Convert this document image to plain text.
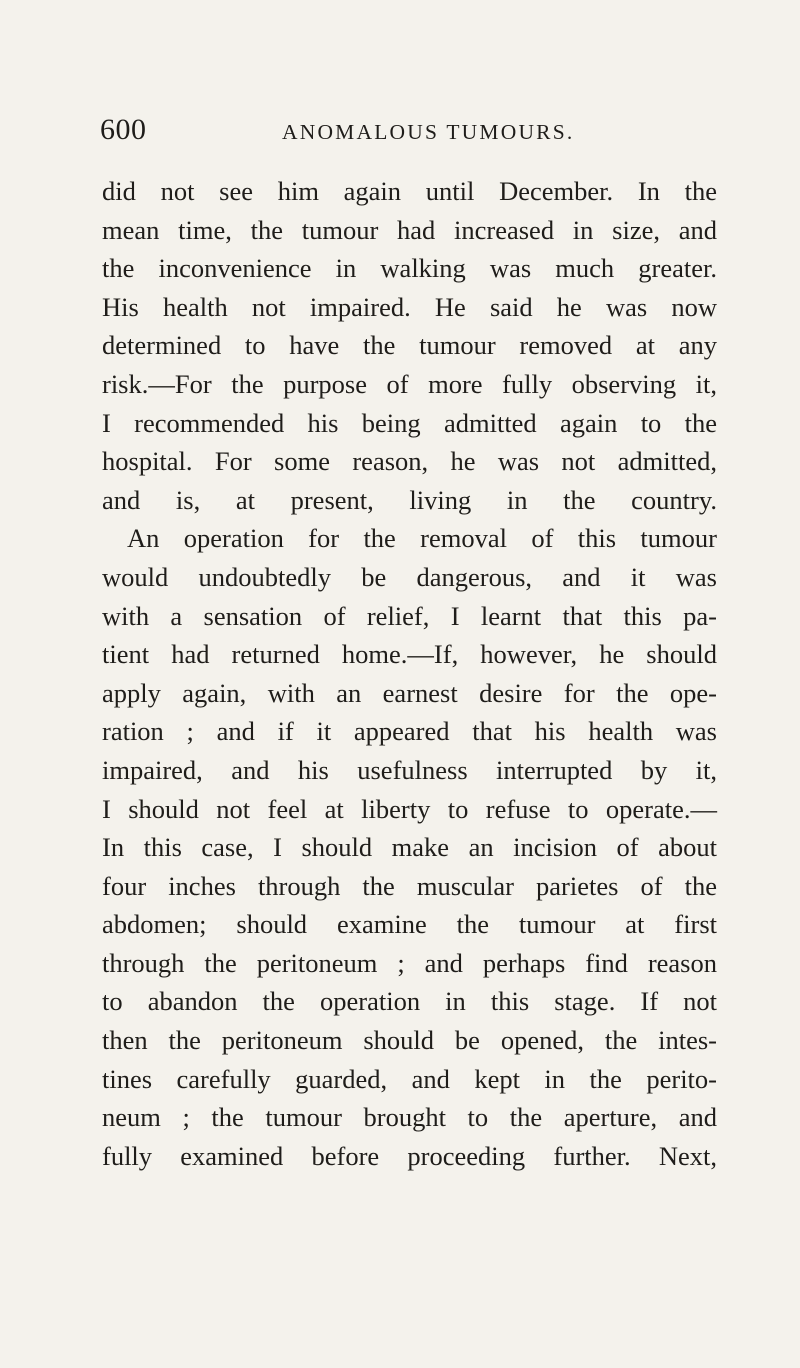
600	ANOMALOUS TUMOURS.
did not see him again until December. In the
mean time, the tumour had increased in size, and
the inconvenience in walking was much greater.
His health not impaired. He said he was now
determined to have the tumour removed at any
risk.—For the purpose of more fully observing it,
I recommended his being admitted again to the
hospital. For some reason, he was not admitted,
and is, at present, living in the country.
An operation for the removal of this tumour
would undoubtedly be dangerous, and it was
with a sensation of relief, I learnt that this pa-
tient had returned home.—If, however, he should
apply again, with an earnest desire for the ope-
ration ; and if it appeared that his health was
impaired, and his usefulness interrupted by it,
I should not feel at liberty to refuse to operate.—
In this case, I should make an incision of about
four inches through the muscular parietes of the
abdomen; should examine the tumour at first
through the peritoneum ; and perhaps find reason
to abandon the operation in this stage. If not
then the peritoneum should be opened, the intes-
tines carefully guarded, and kept in the perito-
neum ; the tumour brought to the aperture, and
fully examined before proceeding further. Next,
